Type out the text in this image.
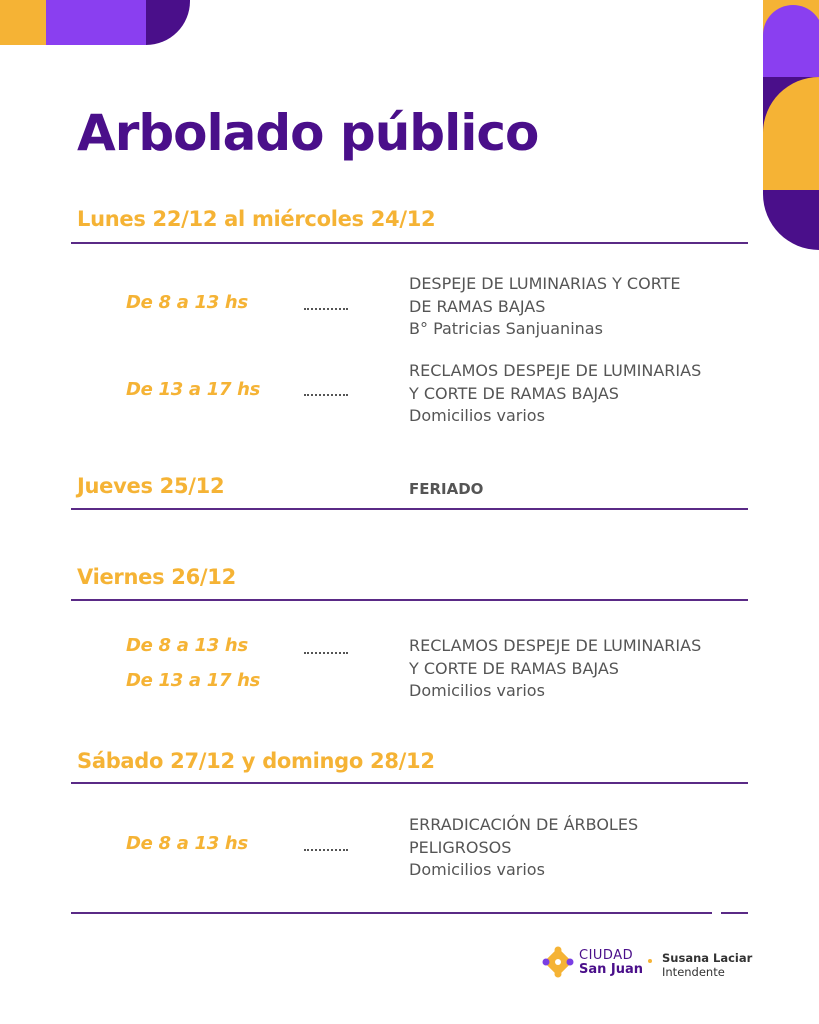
Arbolado público
Lunes 22/12 al miércoles 24/12
De 8 a 13 hs
DESPEJE DE LUMINARIAS Y CORTE
DE RAMAS BAJAS
B° Patricias Sanjuaninas
De 13 a 17 hs
RECLAMOS DESPEJE DE LUMINARIAS
Y CORTE DE RAMAS BAJAS
Domicilios varios
Jueves 25/12	FERIADO
Viernes 26/12
De 8 a 13 hs
De 13 a 17 hs
RECLAMOS DESPEJE DE LUMINARIAS
Y CORTE DE RAMAS BAJAS
Domicilios varios
Sábado 27/12 y domingo 28/12
De 8 a 13 hs
ERRADICACIÓN DE ÁRBOLES
PELIGROSOS
Domicilios varios
CIUDAD
San Juan
Susana Laciar
Intendente
